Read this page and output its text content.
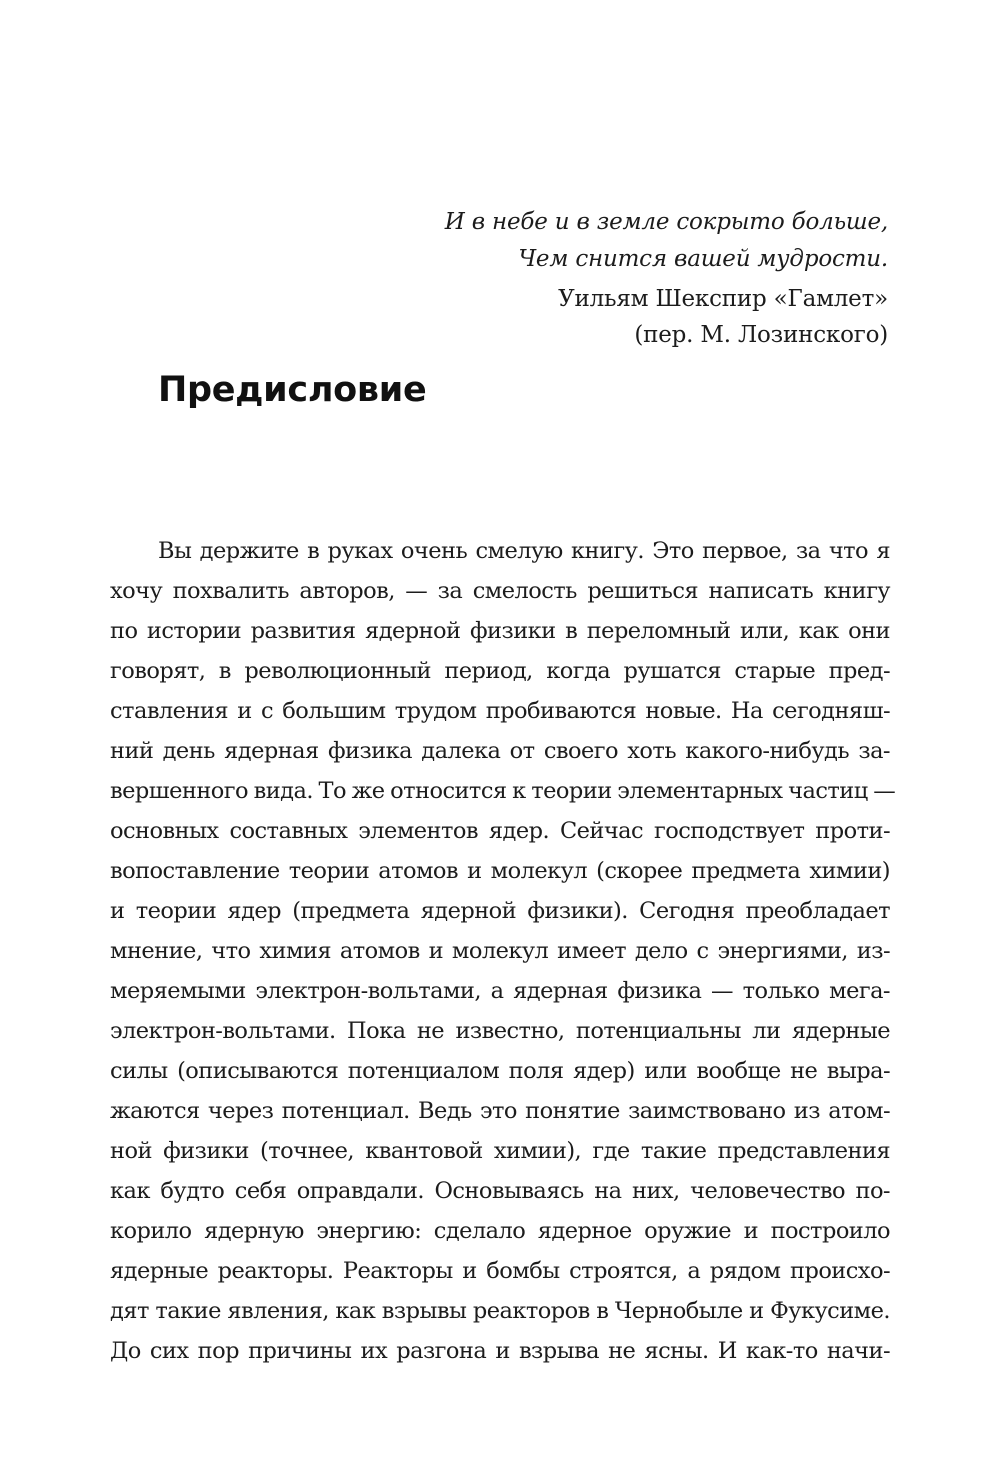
И в небе и в земле сокрыто больше,
Чем снится вашей мудрости.
Уильям Шекспир «Гамлет»
(пер. М. Лозинского)
Предисловие
Вы держите в руках очень смелую книгу. Это первое, за что я
хочу похвалить авторов, — за смелость решиться написать книгу
по истории развития ядерной физики в переломный или, как они
говорят, в революционный период, когда рушатся старые пред-
ставления и с большим трудом пробиваются новые. На сегодняш-
ний день ядерная физика далека от своего хоть какого-нибудь за-
вершенного вида. То же относится к теории элементарных частиц —
основных составных элементов ядер. Сейчас господствует проти-
вопоставление теории атомов и молекул (скорее предмета химии)
и теории ядер (предмета ядерной физики). Сегодня преобладает
мнение, что химия атомов и молекул имеет дело с энергиями, из-
меряемыми электрон-вольтами, а ядерная физика — только мега-
электрон-вольтами. Пока не известно, потенциальны ли ядерные
силы (описываются потенциалом поля ядер) или вообще не выра-
жаются через потенциал. Ведь это понятие заимствовано из атом-
ной физики (точнее, квантовой химии), где такие представления
как будто себя оправдали. Основываясь на них, человечество по-
корило ядерную энергию: сделало ядерное оружие и построило
ядерные реакторы. Реакторы и бомбы строятся, а рядом происхо-
дят такие явления, как взрывы реакторов в Чернобыле и Фукусиме.
До сих пор причины их разгона и взрыва не ясны. И как-то начи-
